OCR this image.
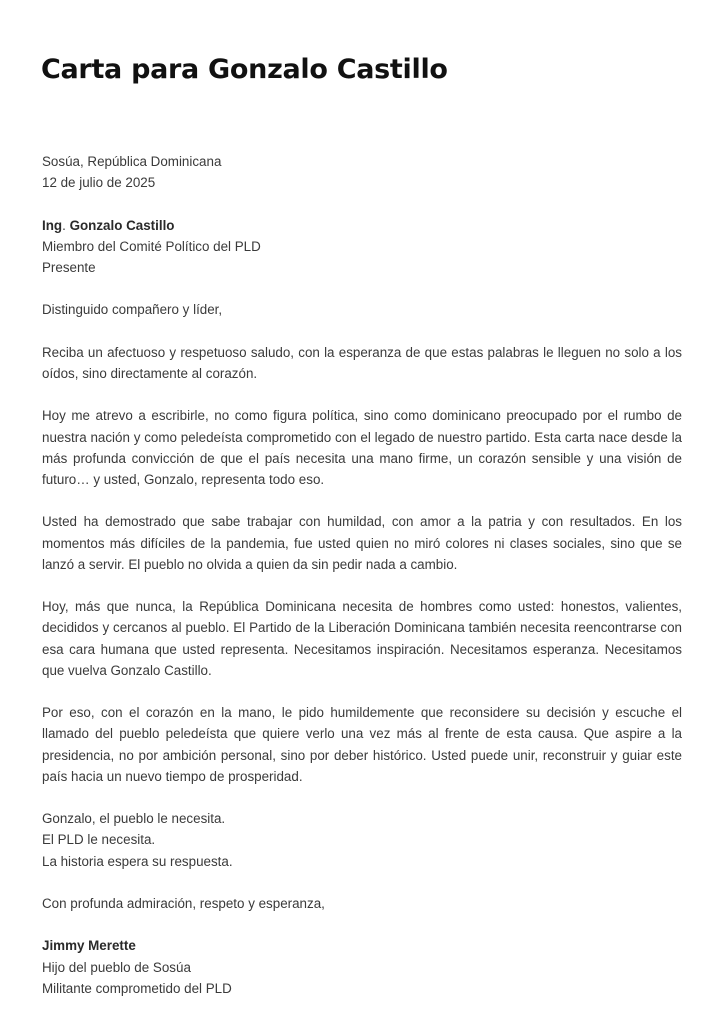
Carta para Gonzalo Castillo
Sosúa, República Dominicana
12 de julio de 2025
Ing. Gonzalo Castillo
Miembro del Comité Político del PLD
Presente
Distinguido compañero y líder,

Reciba un afectuoso y respetuoso saludo, con la esperanza de que estas palabras le lleguen no solo a los oídos, sino directamente al corazón.

Hoy me atrevo a escribirle, no como figura política, sino como dominicano preocupado por el rumbo de nuestra nación y como peledeísta comprometido con el legado de nuestro partido. Esta carta nace desde la más profunda convicción de que el país necesita una mano firme, un corazón sensible y una visión de futuro… y usted, Gonzalo, representa todo eso.

Usted ha demostrado que sabe trabajar con humildad, con amor a la patria y con resultados. En los momentos más difíciles de la pandemia, fue usted quien no miró colores ni clases sociales, sino que se lanzó a servir. El pueblo no olvida a quien da sin pedir nada a cambio.

Hoy, más que nunca, la República Dominicana necesita de hombres como usted: honestos, valientes, decididos y cercanos al pueblo. El Partido de la Liberación Dominicana también necesita reencontrarse con esa cara humana que usted representa. Necesitamos inspiración. Necesitamos esperanza. Necesitamos que vuelva Gonzalo Castillo.

Por eso, con el corazón en la mano, le pido humildemente que reconsidere su decisión y escuche el llamado del pueblo peledeísta que quiere verlo una vez más al frente de esta causa. Que aspire a la presidencia, no por ambición personal, sino por deber histórico. Usted puede unir, reconstruir y guiar este país hacia un nuevo tiempo de prosperidad.

Gonzalo, el pueblo le necesita.
El PLD le necesita.
La historia espera su respuesta.
Con profunda admiración, respeto y esperanza,
Jimmy Merette
Hijo del pueblo de Sosúa
Militante comprometido del PLD
